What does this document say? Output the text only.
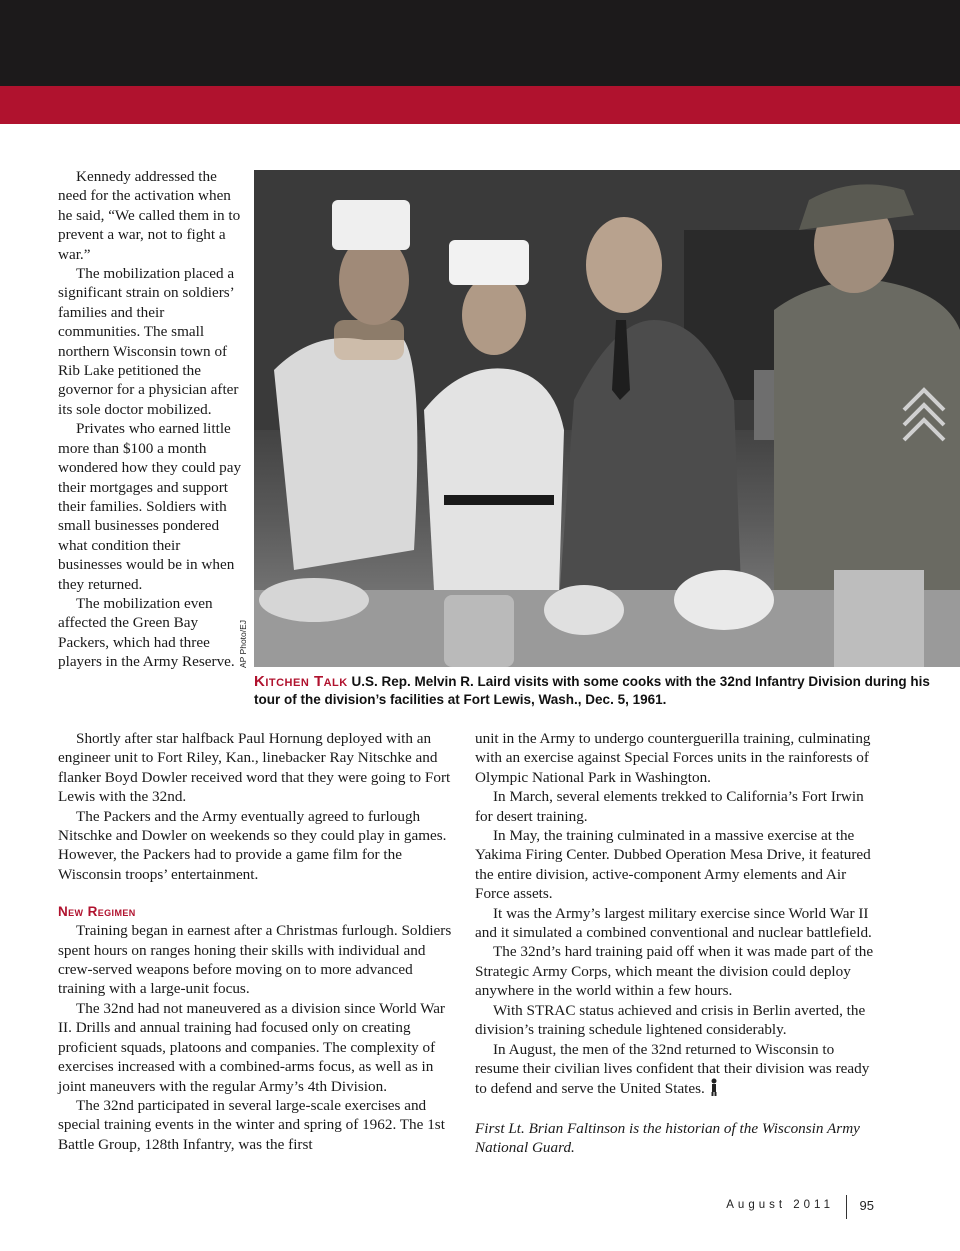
Kennedy addressed the need for the activation when he said, “We called them in to prevent a war, not to fight a war.”

The mobilization placed a significant strain on soldiers’ families and their communities. The small northern Wisconsin town of Rib Lake petitioned the governor for a physician after its sole doctor mobilized.

Privates who earned little more than $100 a month wondered how they could pay their mortgages and support their families. Soldiers with small businesses pondered what condition their businesses would be in when they returned.

The mobilization even affected the Green Bay Packers, which had three players in the Army Reserve. AP Photo/EJ
Kitchen Talk U.S. Rep. Melvin R. Laird visits with some cooks with the 32nd Infantry Division during his tour of the division’s facilities at Fort Lewis, Wash., Dec. 5, 1961.

Shortly after star halfback Paul Hornung deployed with an engineer unit to Fort Riley, Kan., linebacker Ray Nitschke and flanker Boyd Dowler received word that they were going to Fort Lewis with the 32nd.

The Packers and the Army eventually agreed to furlough Nitschke and Dowler on weekends so they could play in games. However, the Packers had to provide a game film for the Wisconsin troops’ entertainment.

New Regimen

Training began in earnest after a Christmas furlough. Soldiers spent hours on ranges honing their skills with individual and crew-served weapons before moving on to more advanced training with a large-unit focus.

The 32nd had not maneuvered as a division since World War II. Drills and annual training had focused only on creating proficient squads, platoons and companies. The complexity of exercises increased with a combined-arms focus, as well as in joint maneuvers with the regular Army’s 4th Division.

The 32nd participated in several large-scale exercises and special training events in the winter and spring of 1962. The 1st Battle Group, 128th Infantry, was the first

unit in the Army to undergo counterguerilla training, culminating with an exercise against Special Forces units in the rainforests of Olympic National Park in Washington.

In March, several elements trekked to California’s Fort Irwin for desert training.

In May, the training culminated in a massive exercise at the Yakima Firing Center. Dubbed Operation Mesa Drive, it featured the entire division, active-component Army elements and Air Force assets.

It was the Army’s largest military exercise since World War II and it simulated a combined conventional and nuclear battlefield.

The 32nd’s hard training paid off when it was made part of the Strategic Army Corps, which meant the division could deploy anywhere in the world within a few hours.

With STRAC status achieved and crisis in Berlin averted, the division’s training schedule lightened considerably.

In August, the men of the 32nd returned to Wisconsin to resume their civilian lives confident that their division was ready to defend and serve the United States.

First Lt. Brian Faltinson is the historian of the Wisconsin Army National Guard.

August 2011 95
